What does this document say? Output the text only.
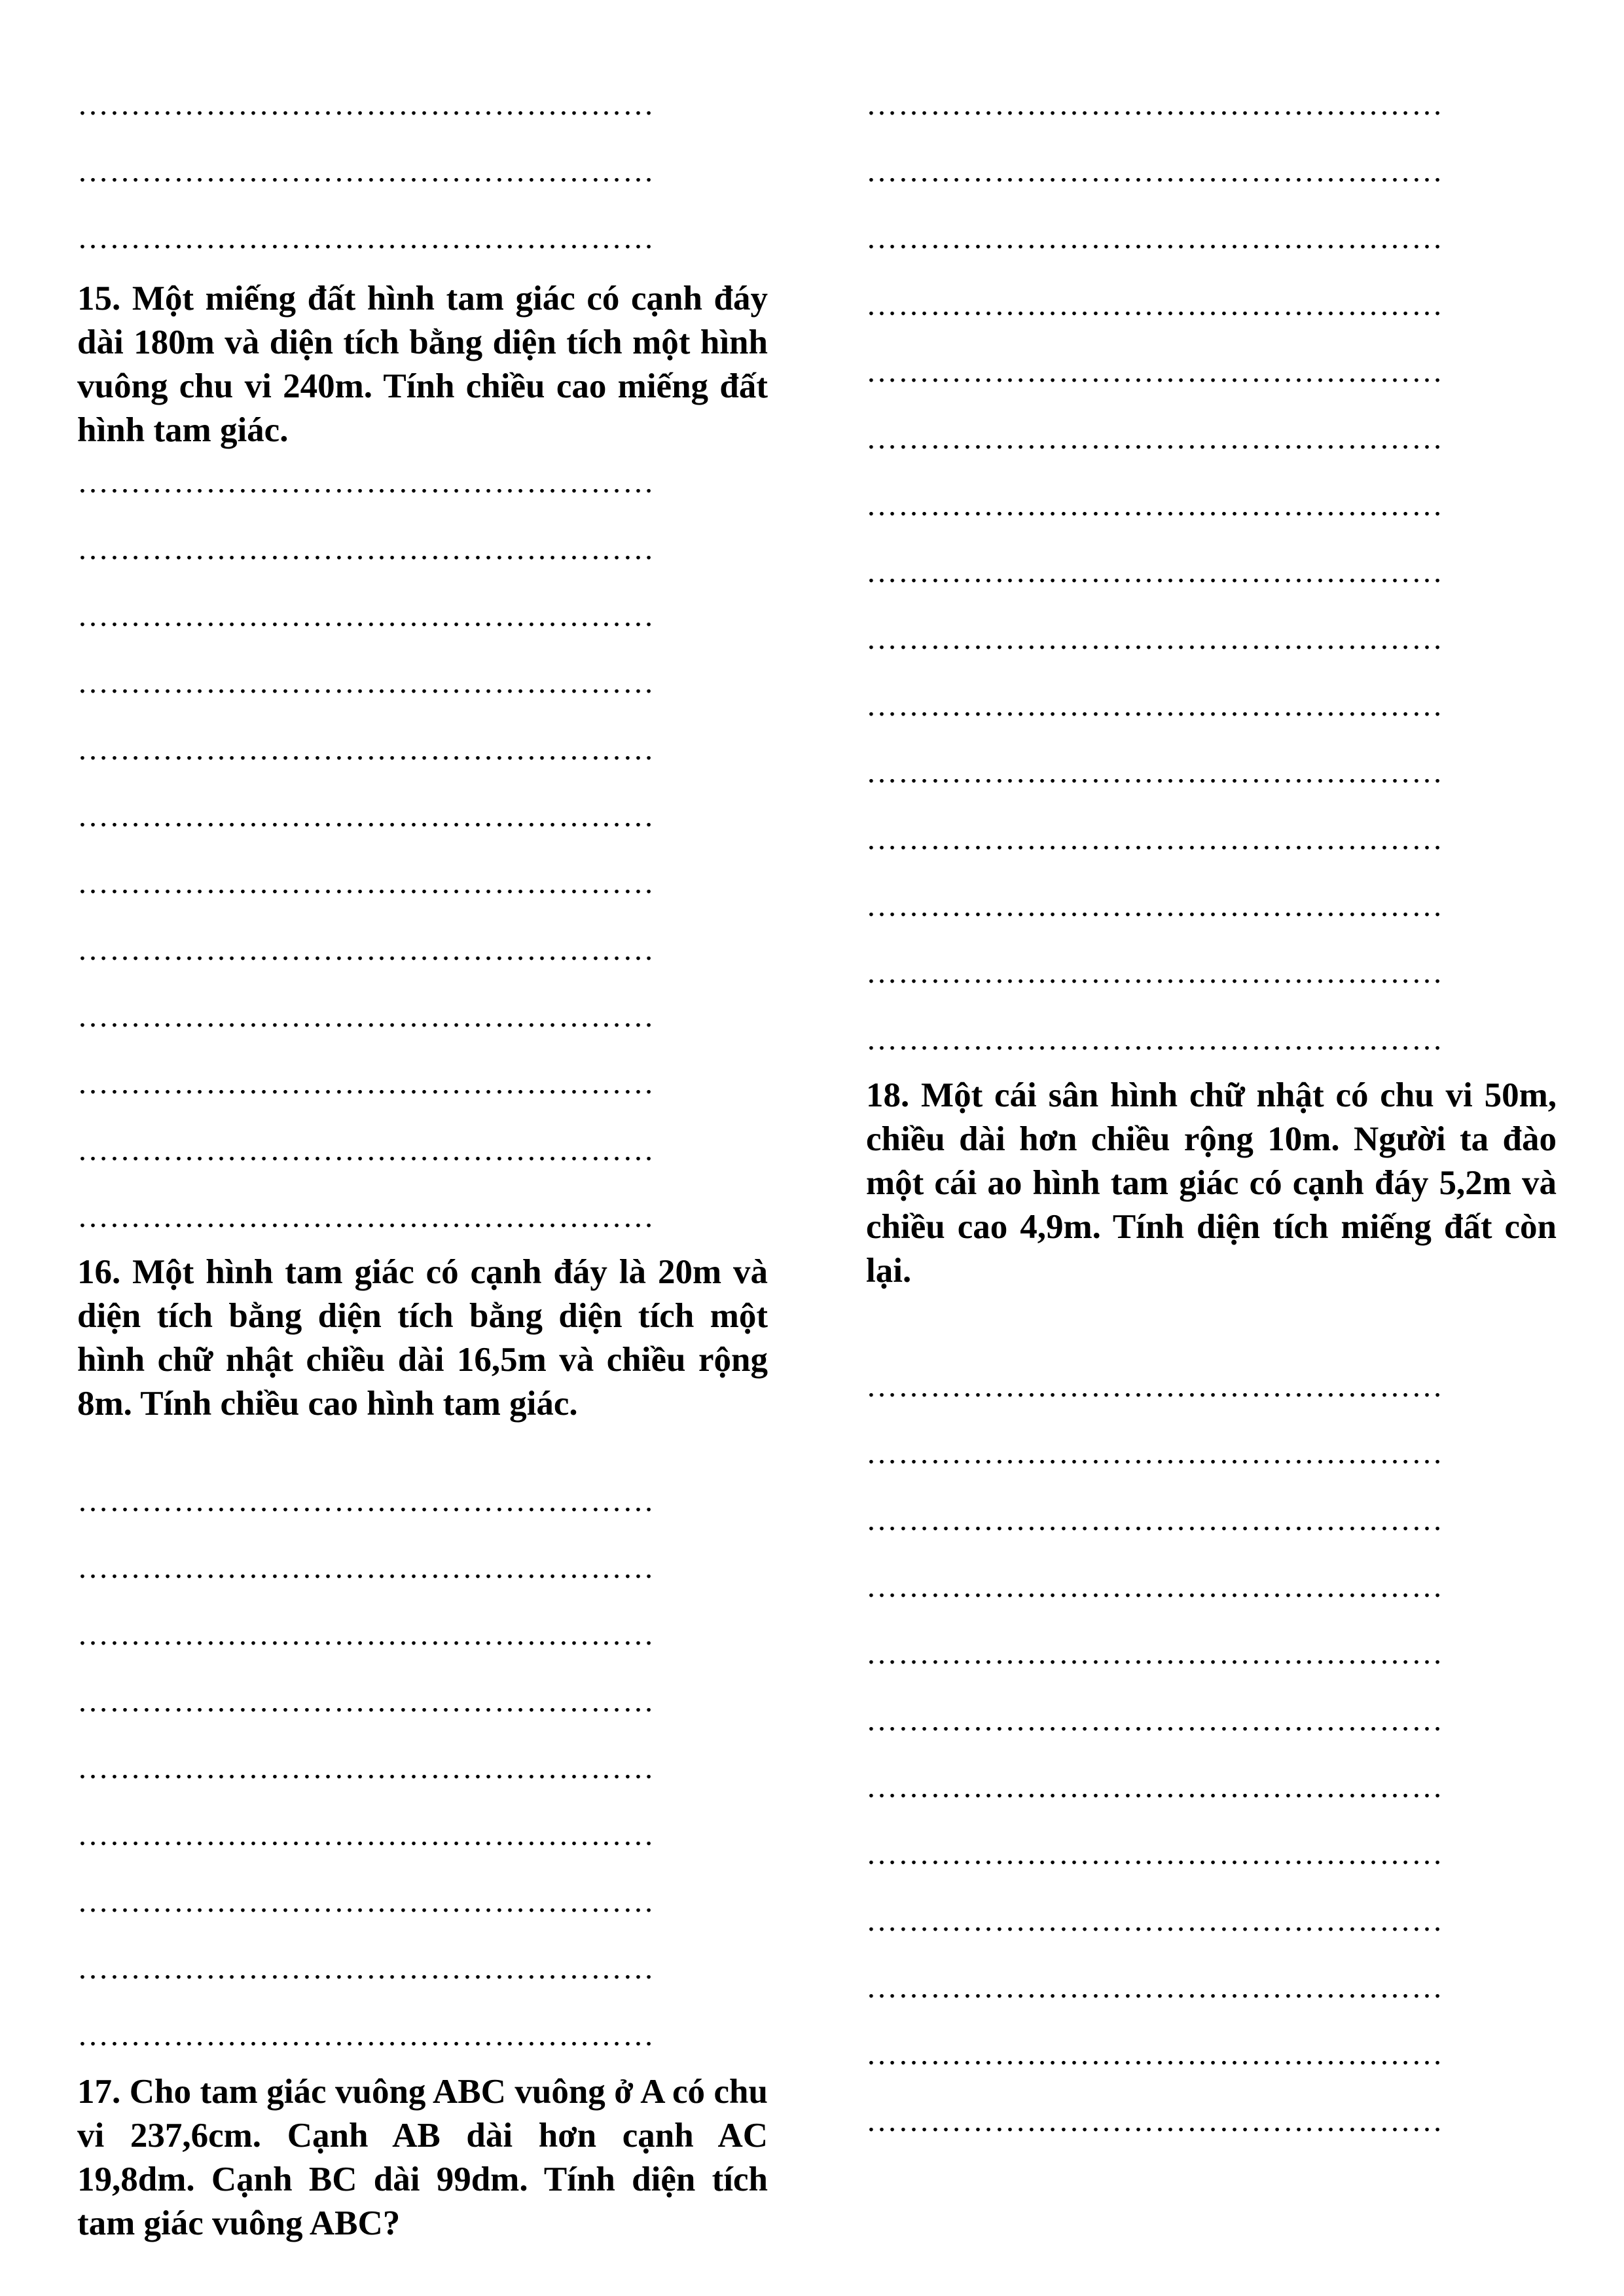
………………………………………………
………………………………………………
………………………………………………
15. Một miếng đất hình tam giác có cạnh đáy dài 180m và diện tích bằng diện tích một hình vuông chu vi 240m. Tính chiều cao miếng đất hình tam giác.
………………………………………………
………………………………………………
………………………………………………
………………………………………………
………………………………………………
………………………………………………
………………………………………………
………………………………………………
………………………………………………
………………………………………………
………………………………………………
………………………………………………
16. Một hình tam giác có cạnh đáy là 20m và diện tích bằng diện tích bằng diện tích một hình chữ nhật chiều dài 16,5m và chiều rộng 8m. Tính chiều cao hình tam giác.
………………………………………………
………………………………………………
………………………………………………
………………………………………………
………………………………………………
………………………………………………
………………………………………………
………………………………………………
………………………………………………
17. Cho tam giác vuông ABC vuông ở A có chu vi 237,6cm. Cạnh AB dài hơn cạnh AC 19,8dm. Cạnh BC dài 99dm. Tính diện tích tam giác vuông ABC?
………………………………………………
………………………………………………
………………………………………………
………………………………………………
………………………………………………
………………………………………………
………………………………………………
………………………………………………
………………………………………………
………………………………………………
………………………………………………
………………………………………………
………………………………………………
………………………………………………
………………………………………………
18. Một cái sân hình chữ nhật có chu vi 50m, chiều dài hơn chiều rộng 10m. Người ta đào một cái ao hình tam giác có cạnh đáy 5,2m và chiều cao 4,9m. Tính diện tích miếng đất còn lại.
………………………………………………
………………………………………………
………………………………………………
………………………………………………
………………………………………………
………………………………………………
………………………………………………
………………………………………………
………………………………………………
………………………………………………
………………………………………………
………………………………………………
